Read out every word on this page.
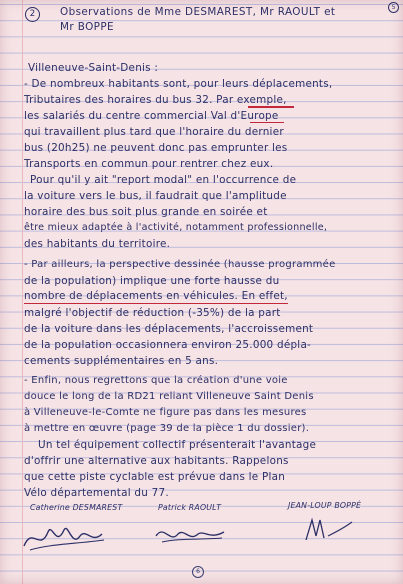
5
2	Observations de Mme DESMAREST, Mr RAOULT et
Mr BOPPE
Villeneuve-Saint-Denis :
- De nombreux habitants sont, pour leurs déplacements,
Tributaires des horaires du bus 32. Par exemple,
les salariés du centre commercial Val d'Europe
qui travaillent plus tard que l'horaire du dernier
bus (20h25) ne peuvent donc pas emprunter les
Transports en commun pour rentrer chez eux.
Pour qu'il y ait "report modal" en l'occurrence de
la voiture vers le bus, il faudrait que l'amplitude
horaire des bus soit plus grande en soirée et
être mieux adaptée à l'activité, notamment professionnelle,
des habitants du territoire.
- Par ailleurs, la perspective dessinée (hausse programmée
de la population) implique une forte hausse du
nombre de déplacements en véhicules. En effet,
malgré l'objectif de réduction (-35%) de la part
de la voiture dans les déplacements, l'accroissement
de la population occasionnera environ 25.000 dépla-
cements supplémentaires en 5 ans.
- Enfin, nous regrettons que la création d'une voie
douce le long de la RD21 reliant Villeneuve Saint Denis
à Villeneuve-le-Comte ne figure pas dans les mesures
à mettre en œuvre (page 39 de la pièce 1 du dossier).
Un tel équipement collectif présenterait l'avantage
d'offrir une alternative aux habitants. Rappelons
que cette piste cyclable est prévue dans le Plan
Vélo départemental du 77.
Catherine DESMAREST	Patrick RAOULT	JEAN-LOUP BOPPÉ
6
